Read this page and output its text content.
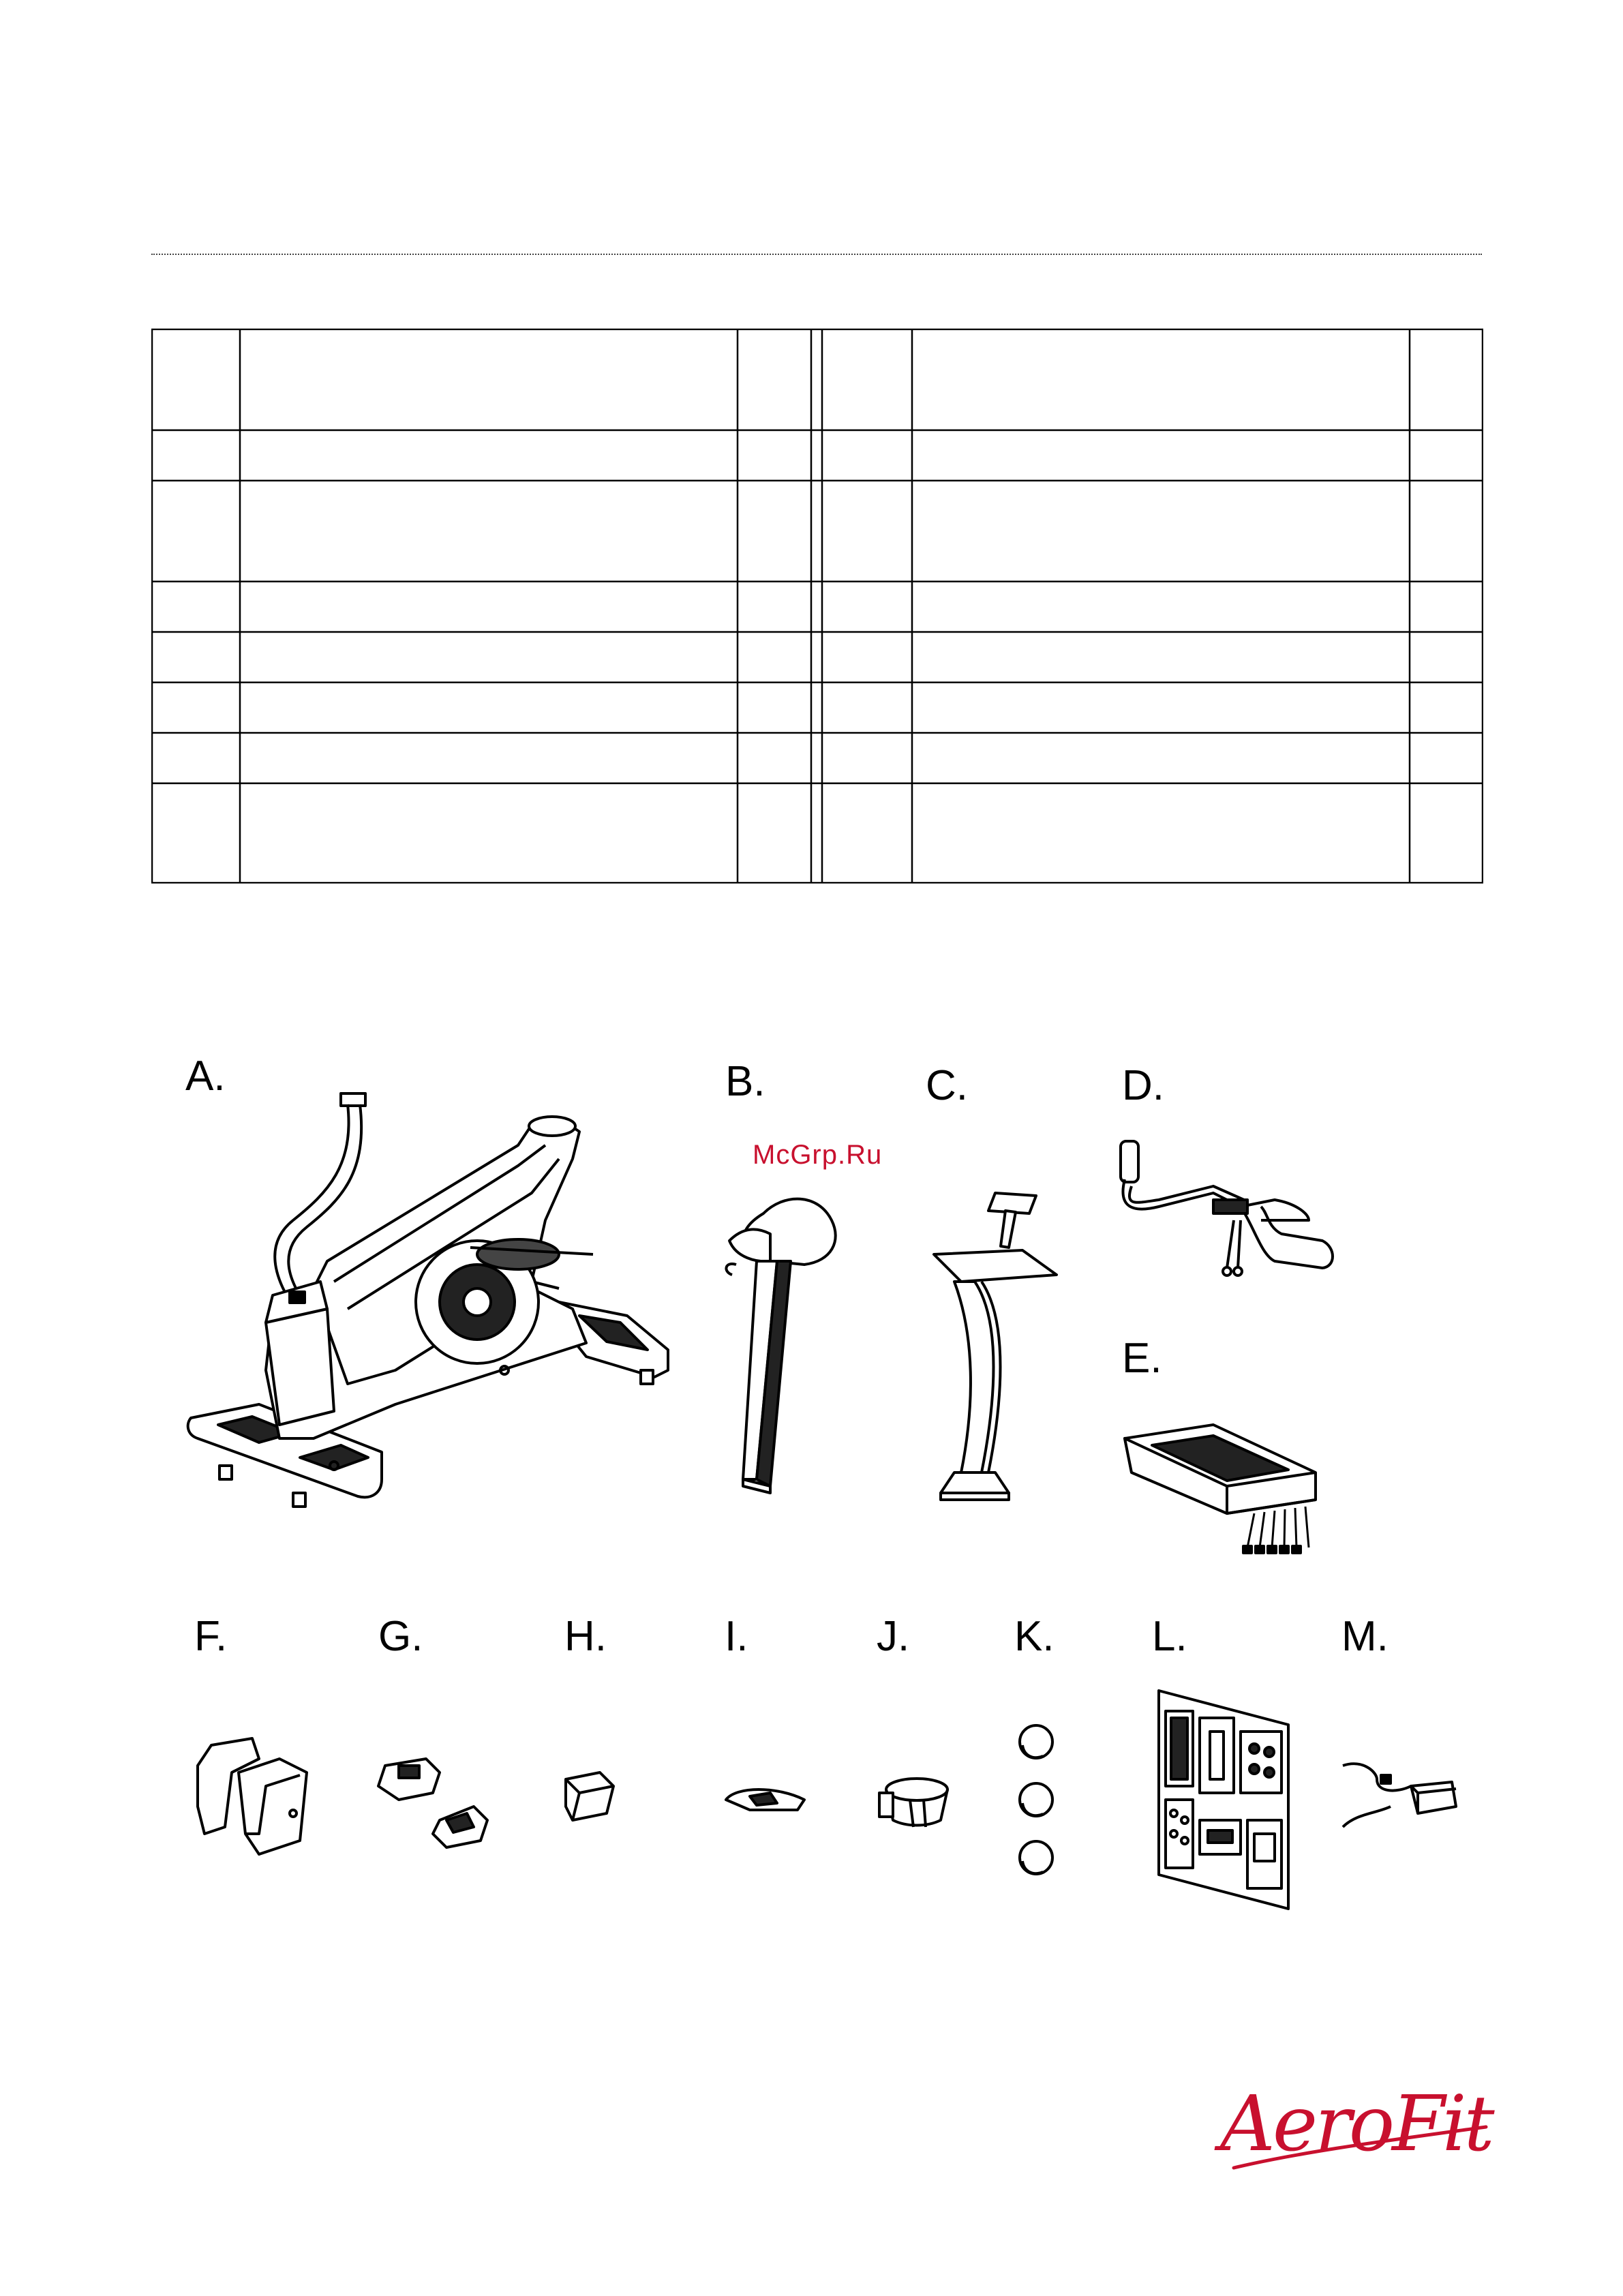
A.	B.	C.	D.
E.
F.	G.	H.	I.	J. K. L.	M.
McGrp.Ru
AeroFit
